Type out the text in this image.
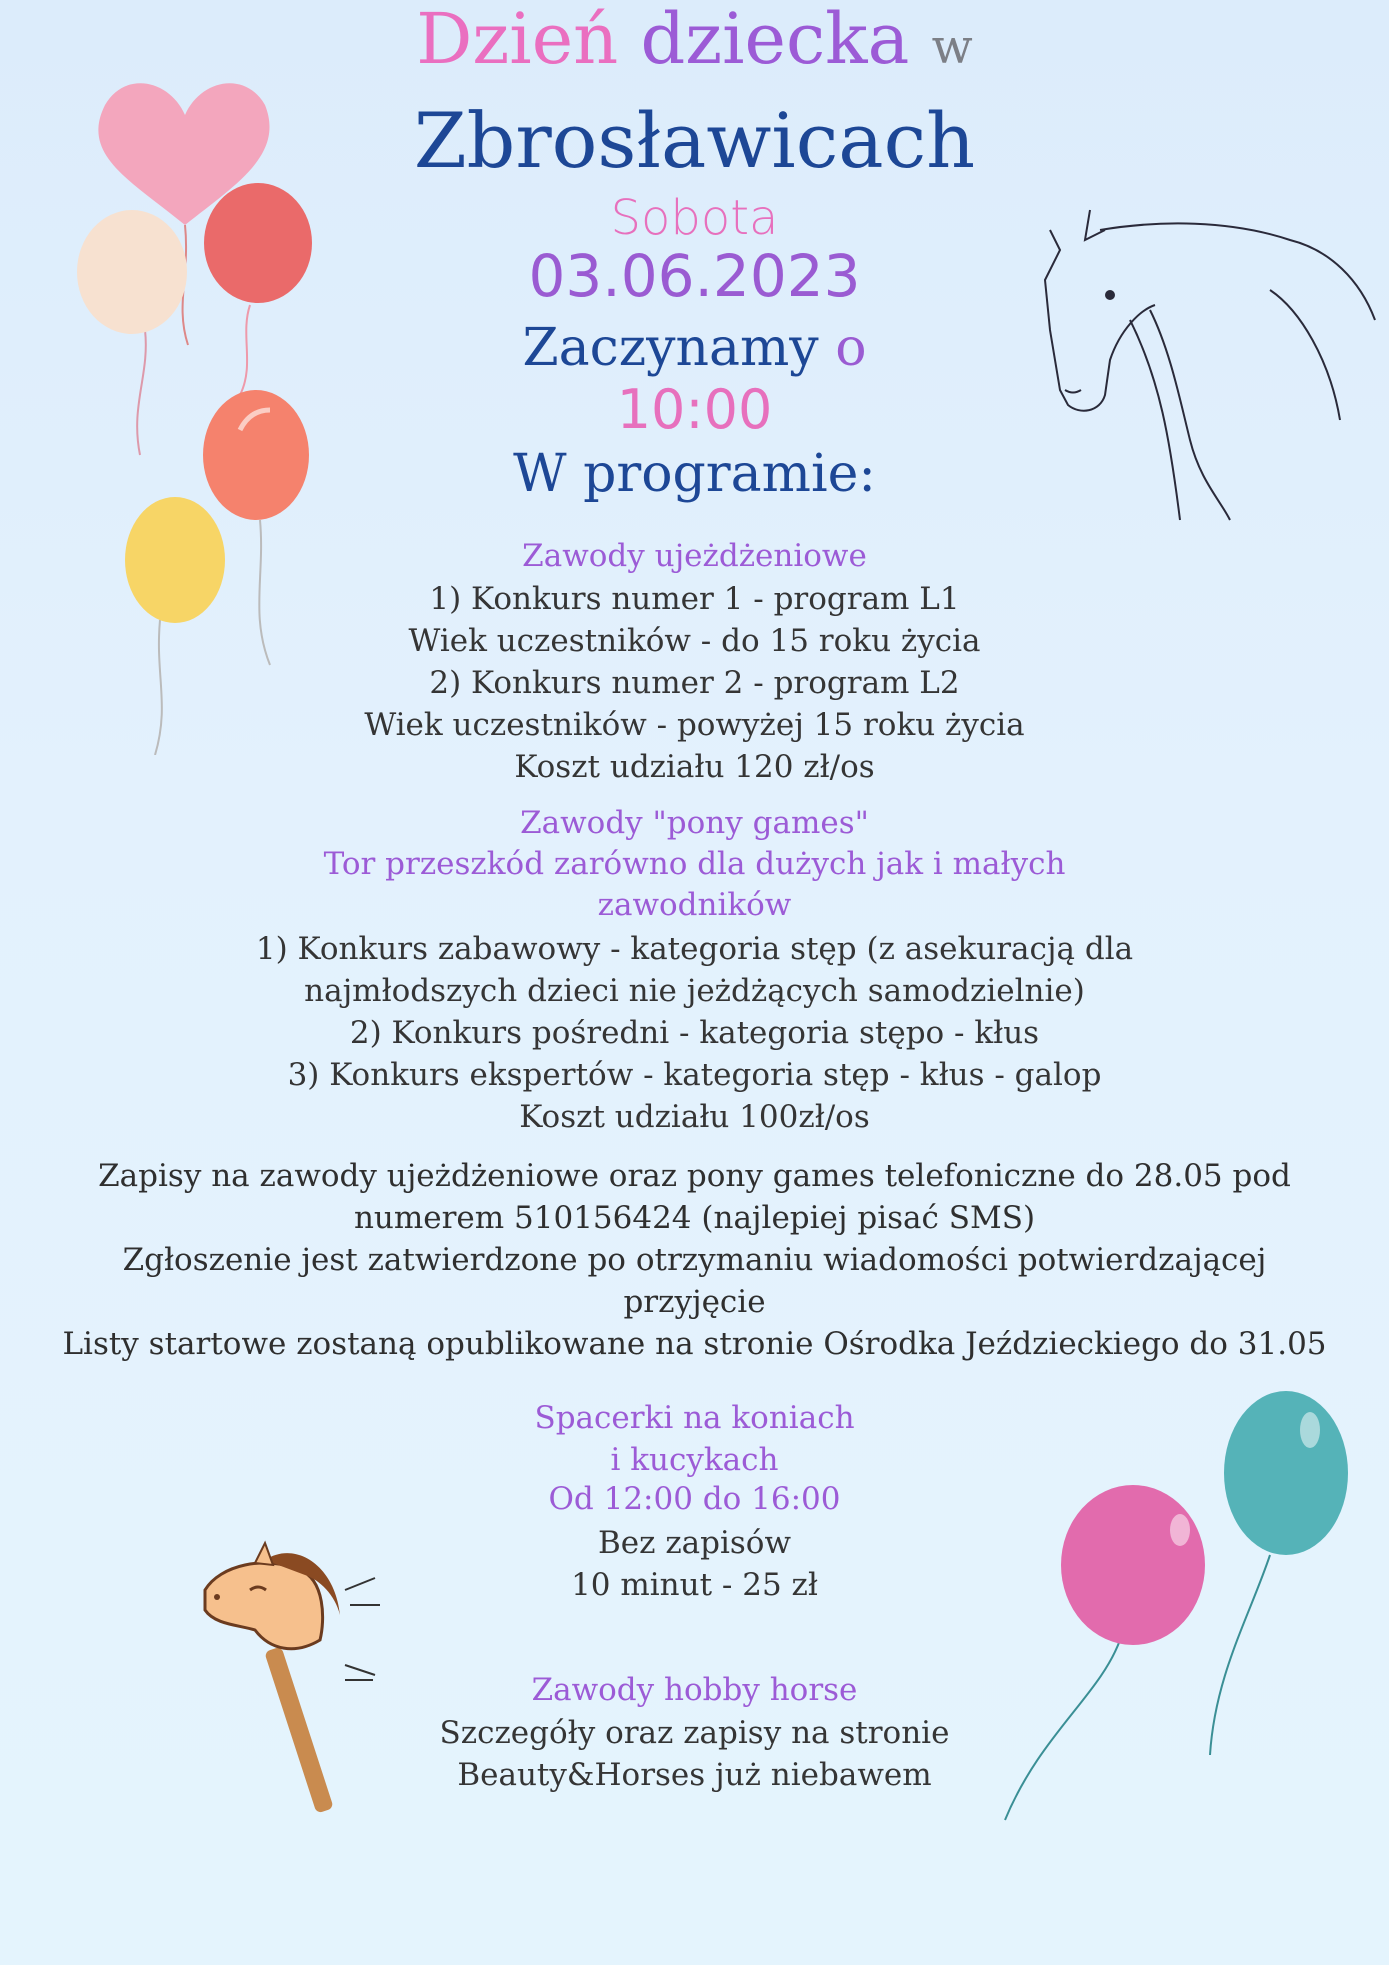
Dzień dziecka w
Zbrosławicach
Sobota
03.06.2023
Zaczynamy o
10:00
W programie:
Zawody ujeżdżeniowe
1) Konkurs numer 1 - program L1
Wiek uczestników - do 15 roku życia
2) Konkurs numer 2 - program L2
Wiek uczestników - powyżej 15 roku życia
Koszt udziału 120 zł/os
Zawody "pony games"
Tor przeszkód zarówno dla dużych jak i małych
zawodników
1) Konkurs zabawowy - kategoria stęp (z asekuracją dla
najmłodszych dzieci nie jeżdżących samodzielnie)
2) Konkurs pośredni - kategoria stępo - kłus
3) Konkurs ekspertów - kategoria stęp - kłus - galop
Koszt udziału 100zł/os
Zapisy na zawody ujeżdżeniowe oraz pony games telefoniczne do 28.05 pod
numerem 510156424 (najlepiej pisać SMS)
Zgłoszenie jest zatwierdzone po otrzymaniu wiadomości potwierdzającej
przyjęcie
Listy startowe zostaną opublikowane na stronie Ośrodka Jeździeckiego do 31.05
Spacerki na koniach
i kucykach
Od 12:00 do 16:00
Bez zapisów
10 minut - 25 zł
Zawody hobby horse
Szczegóły oraz zapisy na stronie
Beauty&Horses już niebawem
